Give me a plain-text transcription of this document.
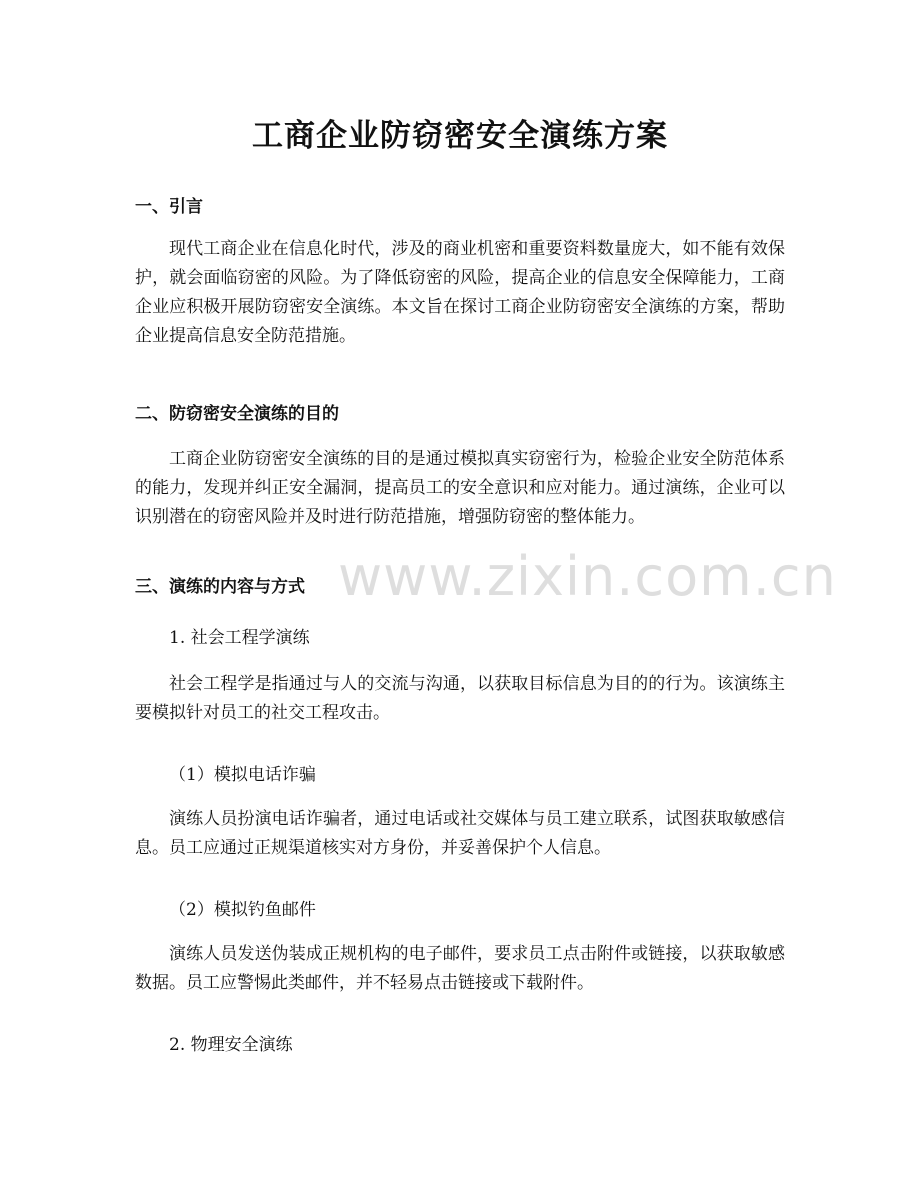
工商企业防窃密安全演练方案
一、引言

现代工商企业在信息化时代，涉及的商业机密和重要资料数量庞大，如不能有效保护，就会面临窃密的风险。为了降低窃密的风险，提高企业的信息安全保障能力，工商企业应积极开展防窃密安全演练。本文旨在探讨工商企业防窃密安全演练的方案，帮助企业提高信息安全防范措施。

二、防窃密安全演练的目的

工商企业防窃密安全演练的目的是通过模拟真实窃密行为，检验企业安全防范体系的能力，发现并纠正安全漏洞，提高员工的安全意识和应对能力。通过演练，企业可以识别潜在的窃密风险并及时进行防范措施，增强防窃密的整体能力。

三、演练的内容与方式

1. 社会工程学演练

社会工程学是指通过与人的交流与沟通，以获取目标信息为目的的行为。该演练主要模拟针对员工的社交工程攻击。

（1）模拟电话诈骗

演练人员扮演电话诈骗者，通过电话或社交媒体与员工建立联系，试图获取敏感信息。员工应通过正规渠道核实对方身份，并妥善保护个人信息。

（2）模拟钓鱼邮件

演练人员发送伪装成正规机构的电子邮件，要求员工点击附件或链接，以获取敏感数据。员工应警惕此类邮件，并不轻易点击链接或下载附件。

2. 物理安全演练

www.zixin.com.cn
